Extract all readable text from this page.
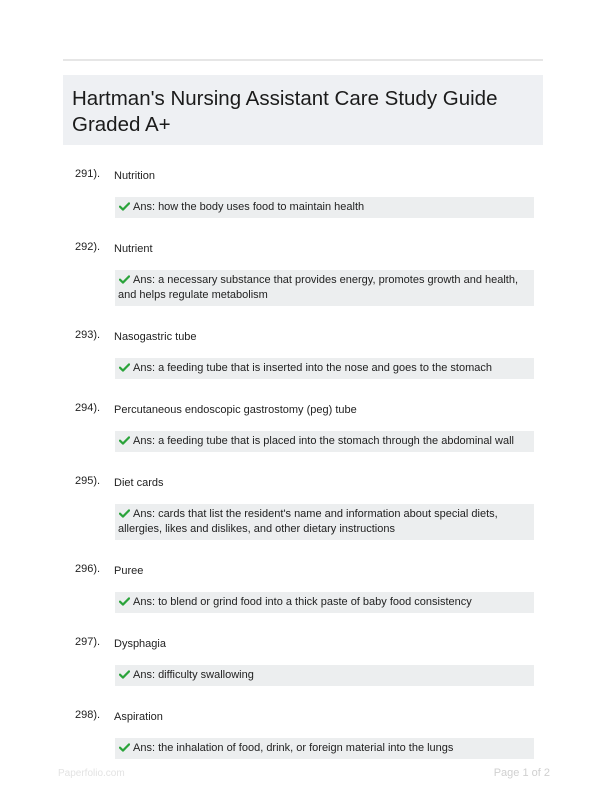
Hartman's Nursing Assistant Care Study Guide Graded A+
291). Nutrition
Ans: how the body uses food to maintain health
292). Nutrient
Ans: a necessary substance that provides energy, promotes growth and health, and helps regulate metabolism
293). Nasogastric tube
Ans: a feeding tube that is inserted into the nose and goes to the stomach
294). Percutaneous endoscopic gastrostomy (peg) tube
Ans: a feeding tube that is placed into the stomach through the abdominal wall
295). Diet cards
Ans: cards that list the resident's name and information about special diets, allergies, likes and dislikes, and other dietary instructions
296). Puree
Ans: to blend or grind food into a thick paste of baby food consistency
297). Dysphagia
Ans: difficulty swallowing
298). Aspiration
Ans: the inhalation of food, drink, or foreign material into the lungs
Paperfolio.com	Page 1 of 2
